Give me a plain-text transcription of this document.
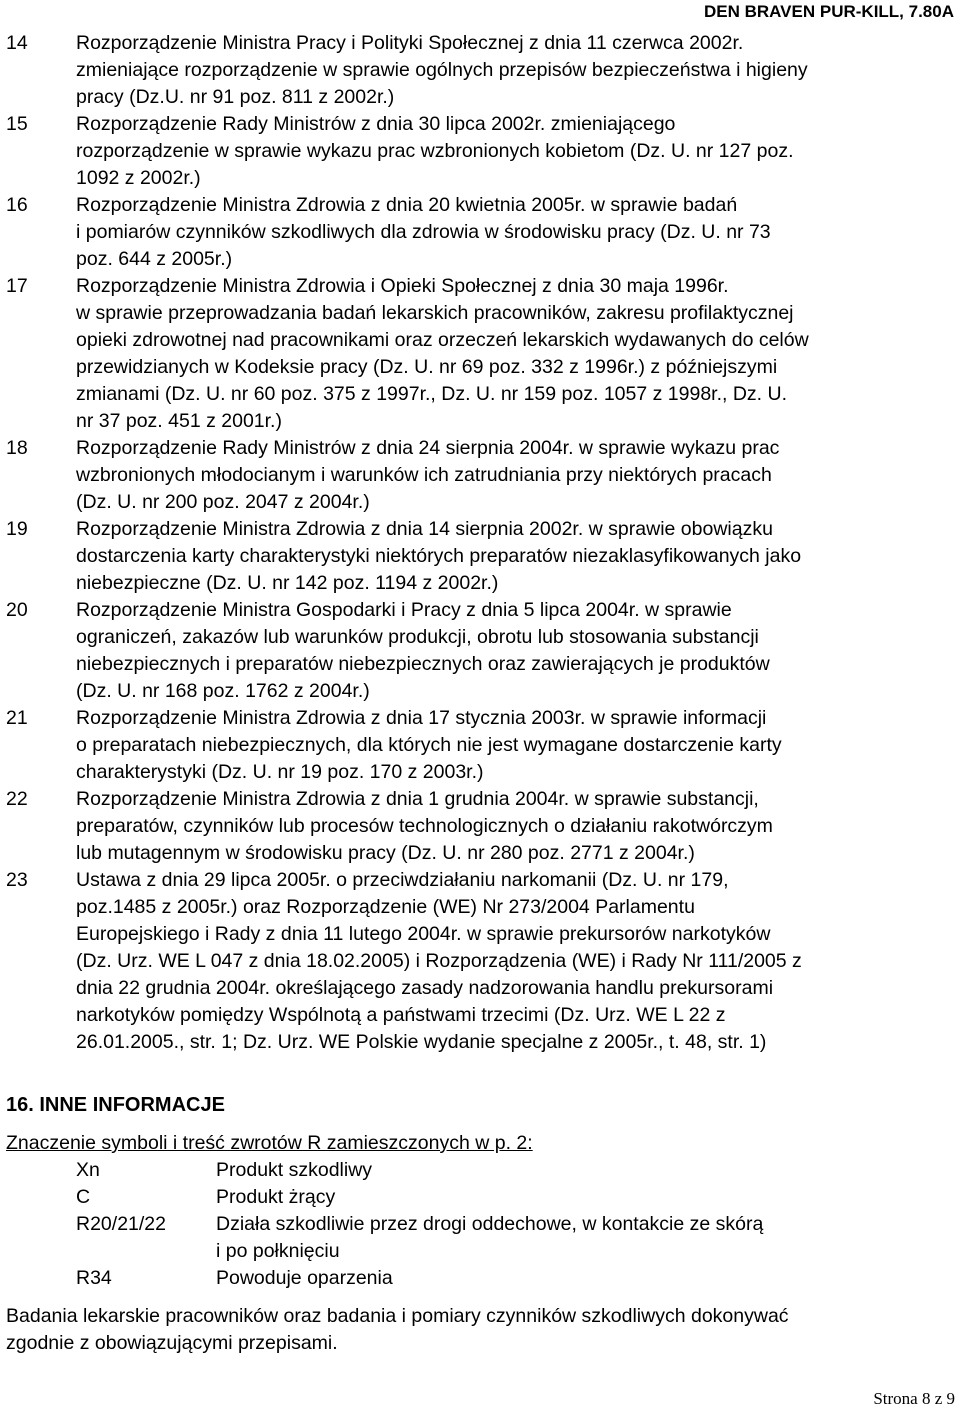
DEN BRAVEN PUR-KILL, 7.80A
14	Rozporządzenie Ministra Pracy i Polityki Społecznej z dnia 11 czerwca 2002r.
zmieniające rozporządzenie w sprawie ogólnych przepisów bezpieczeństwa i higieny
pracy (Dz.U. nr 91 poz. 811 z 2002r.)
15	Rozporządzenie Rady Ministrów z dnia 30 lipca 2002r. zmieniającego
rozporządzenie w sprawie wykazu prac wzbronionych kobietom (Dz. U. nr 127 poz.
1092 z 2002r.)
16	Rozporządzenie Ministra Zdrowia z dnia 20 kwietnia 2005r. w sprawie badań
i pomiarów czynników szkodliwych dla zdrowia w środowisku pracy (Dz. U. nr 73
poz. 644 z 2005r.)
17	Rozporządzenie Ministra Zdrowia i Opieki Społecznej z dnia 30 maja 1996r.
w sprawie przeprowadzania badań lekarskich pracowników, zakresu profilaktycznej
opieki zdrowotnej nad pracownikami oraz orzeczeń lekarskich wydawanych do celów
przewidzianych w Kodeksie pracy (Dz. U. nr 69 poz. 332 z 1996r.) z późniejszymi
zmianami (Dz. U. nr 60 poz. 375 z 1997r., Dz. U. nr 159 poz. 1057 z 1998r., Dz. U.
nr 37 poz. 451 z 2001r.)
18	Rozporządzenie Rady Ministrów z dnia 24 sierpnia 2004r. w sprawie wykazu prac
wzbronionych młodocianym i warunków ich zatrudniania przy niektórych pracach
(Dz. U. nr 200 poz. 2047 z 2004r.)
19	Rozporządzenie Ministra Zdrowia z dnia 14 sierpnia 2002r. w sprawie obowiązku
dostarczenia karty charakterystyki niektórych preparatów niezaklasyfikowanych jako
niebezpieczne (Dz. U. nr 142 poz. 1194 z 2002r.)
20	Rozporządzenie Ministra Gospodarki i Pracy z dnia 5 lipca 2004r. w sprawie
ograniczeń, zakazów lub warunków produkcji, obrotu lub stosowania substancji
niebezpiecznych i preparatów niebezpiecznych oraz zawierających je produktów
(Dz. U. nr 168 poz. 1762 z 2004r.)
21	Rozporządzenie Ministra Zdrowia z dnia 17 stycznia 2003r. w sprawie informacji
o preparatach niebezpiecznych, dla których nie jest wymagane dostarczenie karty
charakterystyki (Dz. U. nr 19 poz. 170 z 2003r.)
22	Rozporządzenie Ministra Zdrowia z dnia 1 grudnia 2004r. w sprawie substancji,
preparatów, czynników lub procesów technologicznych o działaniu rakotwórczym
lub mutagennym w środowisku pracy (Dz. U. nr 280 poz. 2771 z 2004r.)
23	Ustawa z dnia 29 lipca 2005r. o przeciwdziałaniu narkomanii (Dz. U. nr 179,
poz.1485 z 2005r.) oraz Rozporządzenie (WE) Nr 273/2004 Parlamentu
Europejskiego i Rady z dnia 11 lutego 2004r. w sprawie prekursorów narkotyków
(Dz. Urz. WE L 047 z dnia 18.02.2005) i Rozporządzenia (WE) i Rady Nr 111/2005 z
dnia 22 grudnia 2004r. określającego zasady nadzorowania handlu prekursorami
narkotyków pomiędzy Wspólnotą a państwami trzecimi (Dz. Urz. WE L 22 z
26.01.2005., str. 1; Dz. Urz. WE Polskie wydanie specjalne z 2005r., t. 48, str. 1)
16. INNE INFORMACJE
Znaczenie symboli i treść zwrotów R zamieszczonych w p. 2:
Xn	Produkt szkodliwy
C	Produkt żrący
R20/21/22	Działa szkodliwie przez drogi oddechowe, w kontakcie ze skórą
i po połknięciu
R34	Powoduje oparzenia
Badania lekarskie pracowników oraz badania i pomiary czynników szkodliwych dokonywać
zgodnie z obowiązującymi przepisami.
Strona 8 z 9
